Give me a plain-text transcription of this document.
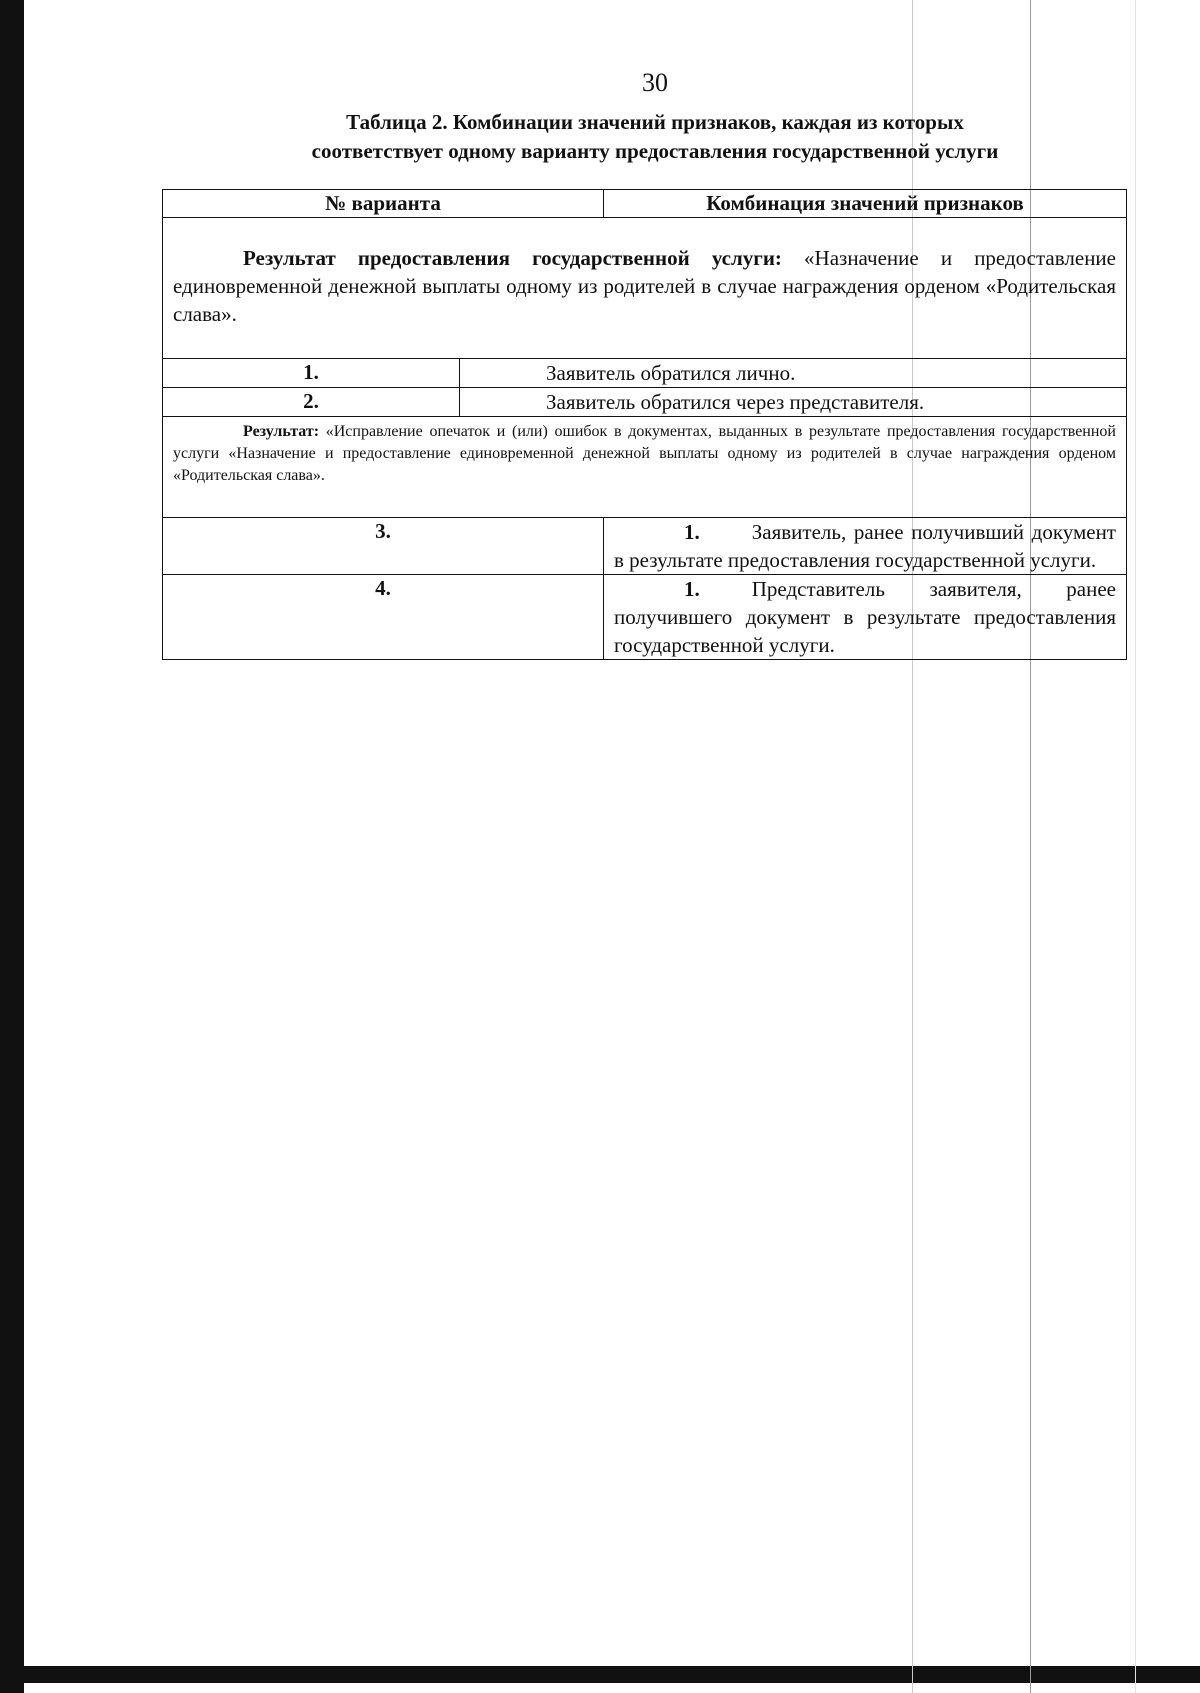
30
Таблица 2. Комбинации значений признаков, каждая из которых
соответствует одному варианту предоставления государственной услуги
№ варианта		Комбинация значений признаков
Результат предоставления государственной услуги: «Назначение и предоставление единовременной денежной выплаты одному из родителей в случае награждения орденом «Родительская слава».		
1.	Заявитель обратился лично.	
2.	Заявитель обратился через представителя.	
Результат: «Исправление опечаток и (или) ошибок в документах, выданных в результате предоставления государственной услуги «Назначение и предоставление единовременной денежной выплаты одному из родителей в случае награждения орденом «Родительская слава».		
3.		1. Заявитель, ранее получивший документ в результате предоставления государственной услуги.
4.		1. Представитель заявителя, ранее получившего документ в результате предоставления государственной услуги.
